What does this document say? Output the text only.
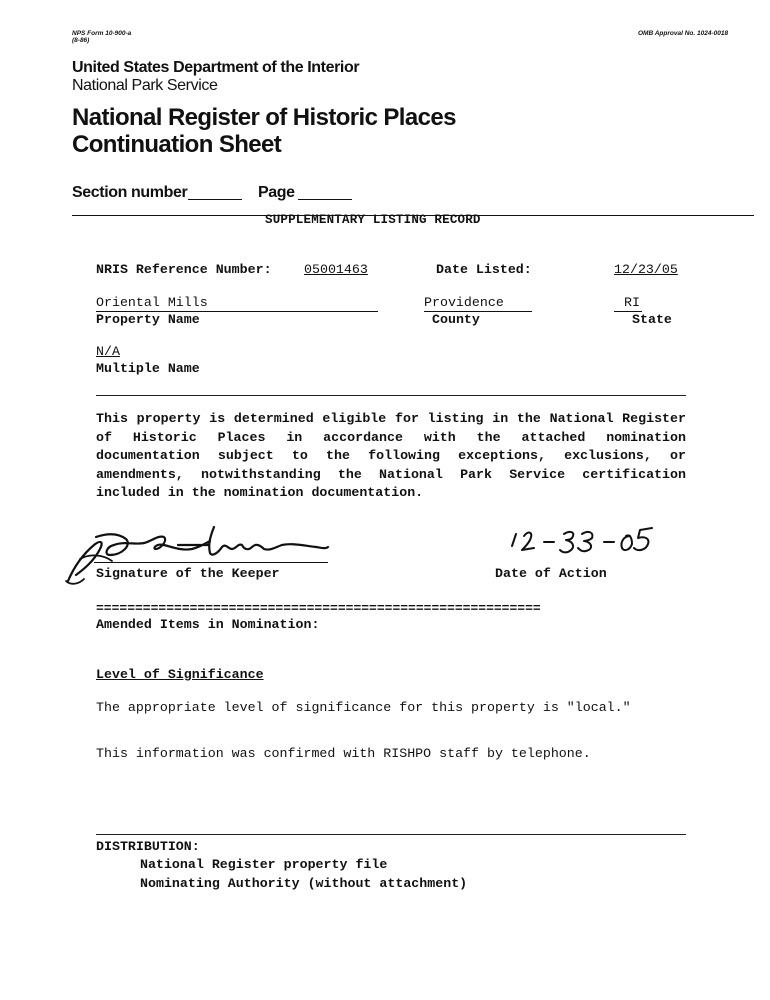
NPS Form 10-900-a
(8-86)
OMB Approval No. 1024-0018
United States Department of the Interior
National Park Service
National Register of Historic Places
Continuation Sheet
Section number	Page
SUPPLEMENTARY LISTING RECORD
NRIS Reference Number: 05001463	Date Listed:	12/23/05
Oriental Mills
Property Name
Providence
County
RI
State
N/A
Multiple Name
This property is determined eligible for listing in the National Register of Historic Places in accordance with the attached nomination documentation subject to the following exceptions, exclusions, or amendments, notwithstanding the National Park Service certification included in the nomination documentation.
Signature of the Keeper	Date of Action
=========================================================
Amended Items in Nomination:
Level of Significance
The appropriate level of significance for this property is "local."
This information was confirmed with RISHPO staff by telephone.
DISTRIBUTION:
National Register property file
Nominating Authority (without attachment)
